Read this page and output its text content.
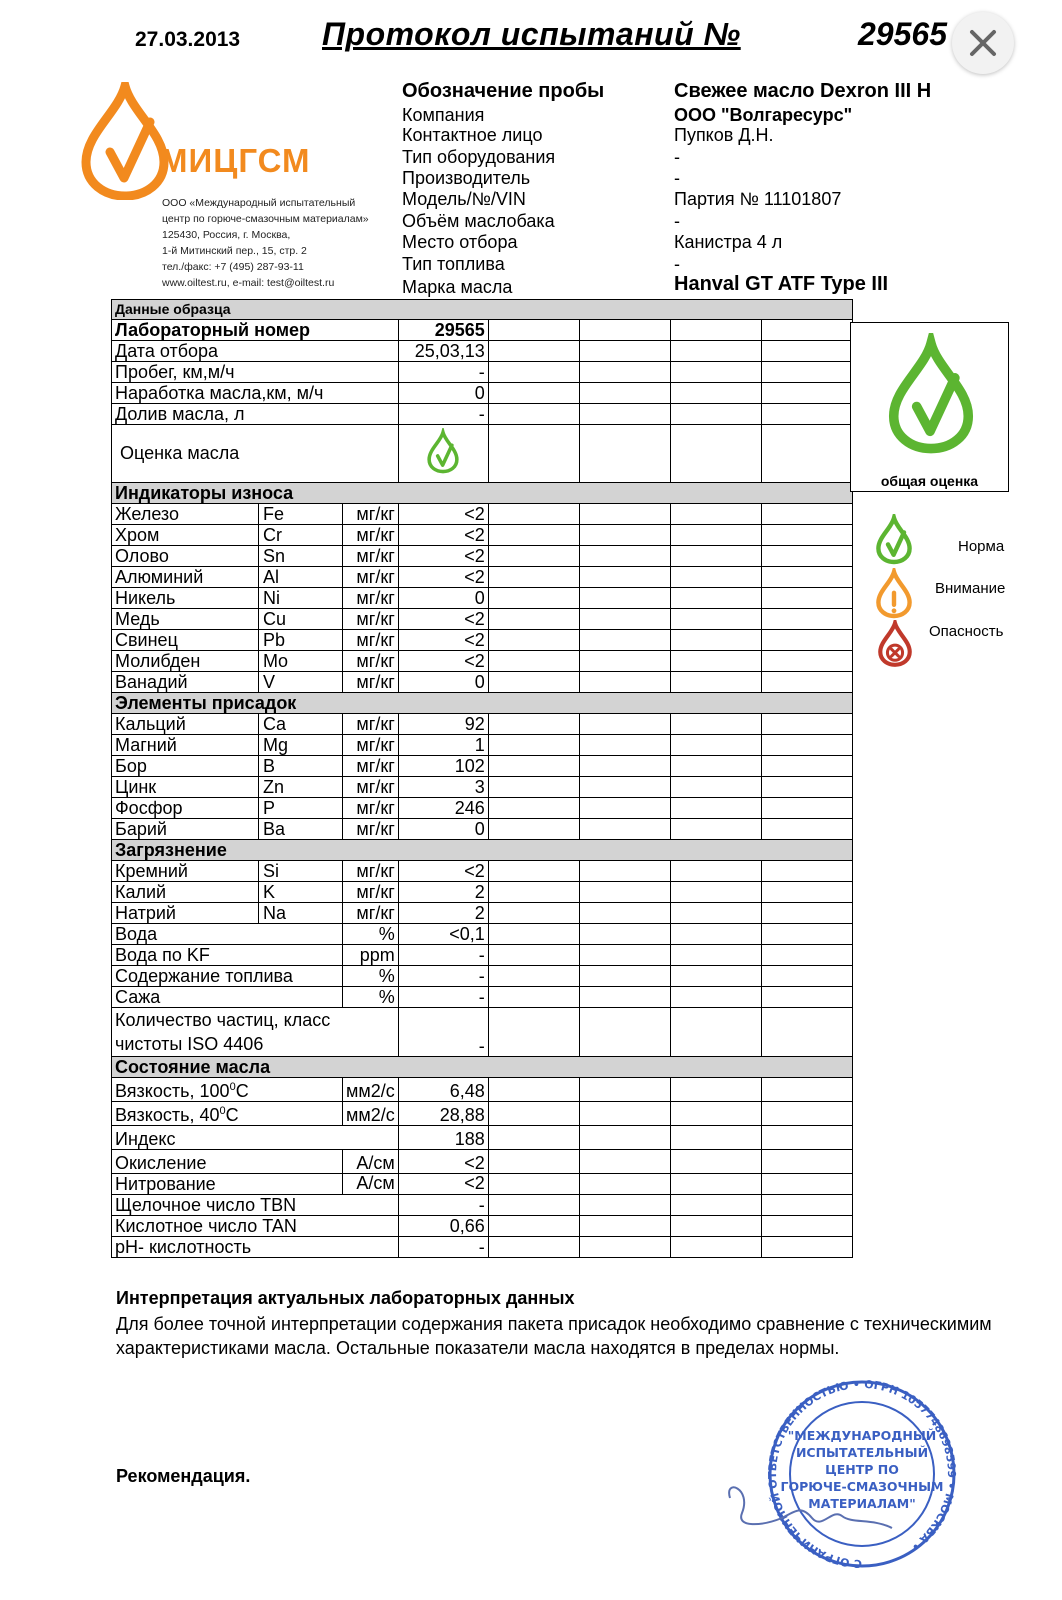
27.03.2013	Протокол испытаний №	29565
МИЦГСМ
ООО «Международный испытательный
центр по горюче-смазочным материалам»
125430, Россия, г. Москва,
1-й Митинский пер., 15, стр. 2
тел./факс: +7 (495) 287-93-11
www.oiltest.ru, e-mail: test@oiltest.ru
Обозначение пробы	Свежее масло Dexron III H
Компания	ООО "Волгаресурс"
Контактное лицо	Пупков Д.Н.
Тип оборудования	-
Производитель	-
Модель/№/VIN	Партия № 11101807
Объём маслобака	-
Место отбора	Канистра 4 л
Тип топлива	-
Марка масла	Hanval GT ATF Type III
Данные образца							
Лабораторный номер			29565				
Дата отбора			25,03,13				
Пробег, км,м/ч			-				
Наработка масла,км, м/ч			0				
Долив масла, л			-				
Оценка масла					
Индикаторы износа							
Железо	Fe	мг/кг	<2				
Хром	Cr	мг/кг	<2				
Олово	Sn	мг/кг	<2				
Алюминий	Al	мг/кг	<2				
Никель	Ni	мг/кг	0				
Медь	Cu	мг/кг	<2				
Свинец	Pb	мг/кг	<2				
Молибден	Mo	мг/кг	<2				
Ванадий	V	мг/кг	0				
Элементы присадок							
Кальций	Ca	мг/кг	92				
Магний	Mg	мг/кг	1				
Бор	B	мг/кг	102				
Цинк	Zn	мг/кг	3				
Фосфор	P	мг/кг	246				
Барий	Ba	мг/кг	0				
Загрязнение							
Кремний	Si	мг/кг	<2				
Калий	K	мг/кг	2				
Натрий	Na	мг/кг	2				
Вода		%	<0,1				
Вода по KF		ppm	-				
Содержание топлива		%	-				
Сажа		%	-				

Количество частиц, класс
чистоты ISO 4406			-				
Состояние масла							
Вязкость, $100^0C$		мм2/с	6,48				
Вязкость, $40^0C$		мм2/с	28,88				
Индекс			188				
Окисление		А/см	<2				
Нитрование		А/см	<2				
Щелочное число TBN			-				
Кислотное число TAN			0,66				
pH- кислотность			-				
общая оценка
Норма
Внимание
Опасность
Интерпретация актуальных лабораторных данных
Для более точной интерпретации содержания пакета присадок необходимо сравнение с техническимим характеристиками масла. Остальные показатели масла находятся в пределах нормы.
Рекомендация.
С ОГРАНИЧЕННОЙ ОТВЕТСТВЕННОСТЬЮ • ОГРН 1057748698599 • МОСКВА •
"МЕЖДУНАРОДНЫЙ
ИСПЫТАТЕЛЬНЫЙ
ЦЕНТР ПО
ГОРЮЧЕ-СМАЗОЧНЫМ
МАТЕРИАЛАМ"
